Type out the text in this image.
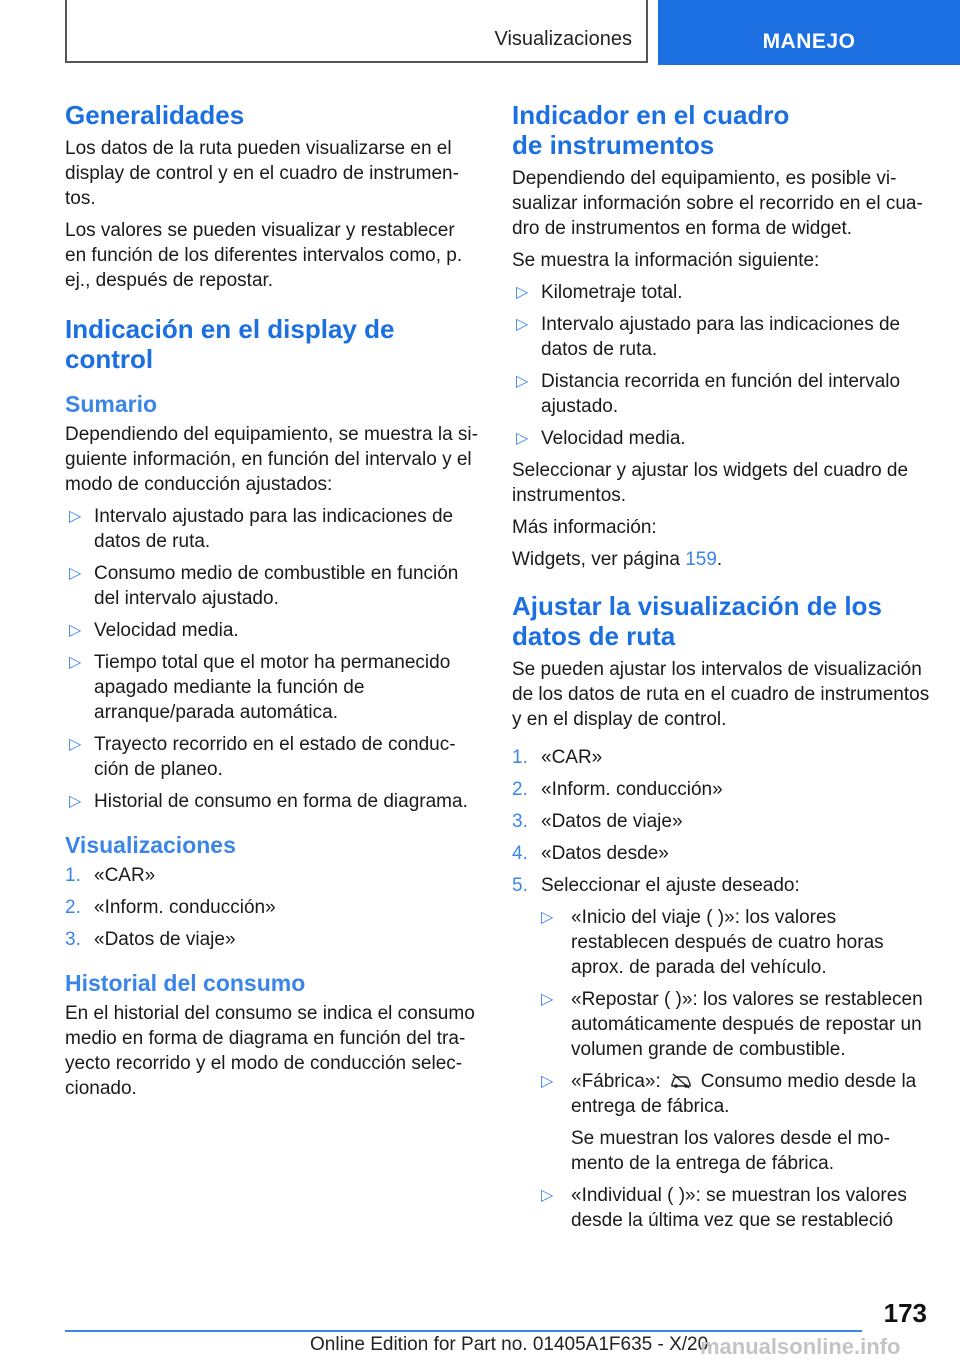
Visualizaciones	MANEJO
Generalidades

Los datos de la ruta pueden visualizarse en el display de control y en el cuadro de instrumentos.

Los valores se pueden visualizar y restablecer en función de los diferentes intervalos como, p. ej., después de repostar.

Indicación en el display de control
Sumario

Dependiendo del equipamiento, se muestra la siguiente información, en función del intervalo y el modo de conducción ajustados:

▷ Intervalo ajustado para las indicaciones de datos de ruta.
▷ Consumo medio de combustible en función del intervalo ajustado.
▷ Velocidad media.
▷ Tiempo total que el motor ha permanecido apagado mediante la función de arranque/parada automática.
▷ Trayecto recorrido en el estado de conducción de planeo.
▷ Historial de consumo en forma de diagrama.
Visualizaciones
1. «CAR»
2. «Inform. conducción»
3. «Datos de viaje»
Historial del consumo

En el historial del consumo se indica el consumo medio en forma de diagrama en función del trayecto recorrido y el modo de conducción seleccionado.

Indicador en el cuadro de instrumentos

Dependiendo del equipamiento, es posible visualizar información sobre el recorrido en el cuadro de instrumentos en forma de widget.

Se muestra la información siguiente:

▷ Kilometraje total.
▷ Intervalo ajustado para las indicaciones de datos de ruta.
▷ Distancia recorrida en función del intervalo ajustado.
▷ Velocidad media.

Seleccionar y ajustar los widgets del cuadro de instrumentos.

Más información:

Widgets, ver página 159.

Ajustar la visualización de los datos de ruta

Se pueden ajustar los intervalos de visualización de los datos de ruta en el cuadro de instrumentos y en el display de control.

1. «CAR»
2. «Inform. conducción»
3. «Datos de viaje»
4. «Datos desde»
5. Seleccionar el ajuste deseado:
▷ «Inicio del viaje ( )»: los valores restablecen después de cuatro horas aprox. de parada del vehículo.
▷ «Repostar ( )»: los valores se restablecen automáticamente después de repostar un volumen grande de combustible.
▷ «Fábrica»: Consumo medio desde la entrega de fábrica.
Se muestran los valores desde el momento de la entrega de fábrica.
▷ «Individual ( )»: se muestran los valores desde la última vez que se restableció
173
Online Edition for Part no. 01405A1F635 - X/20
manualsonline.info
